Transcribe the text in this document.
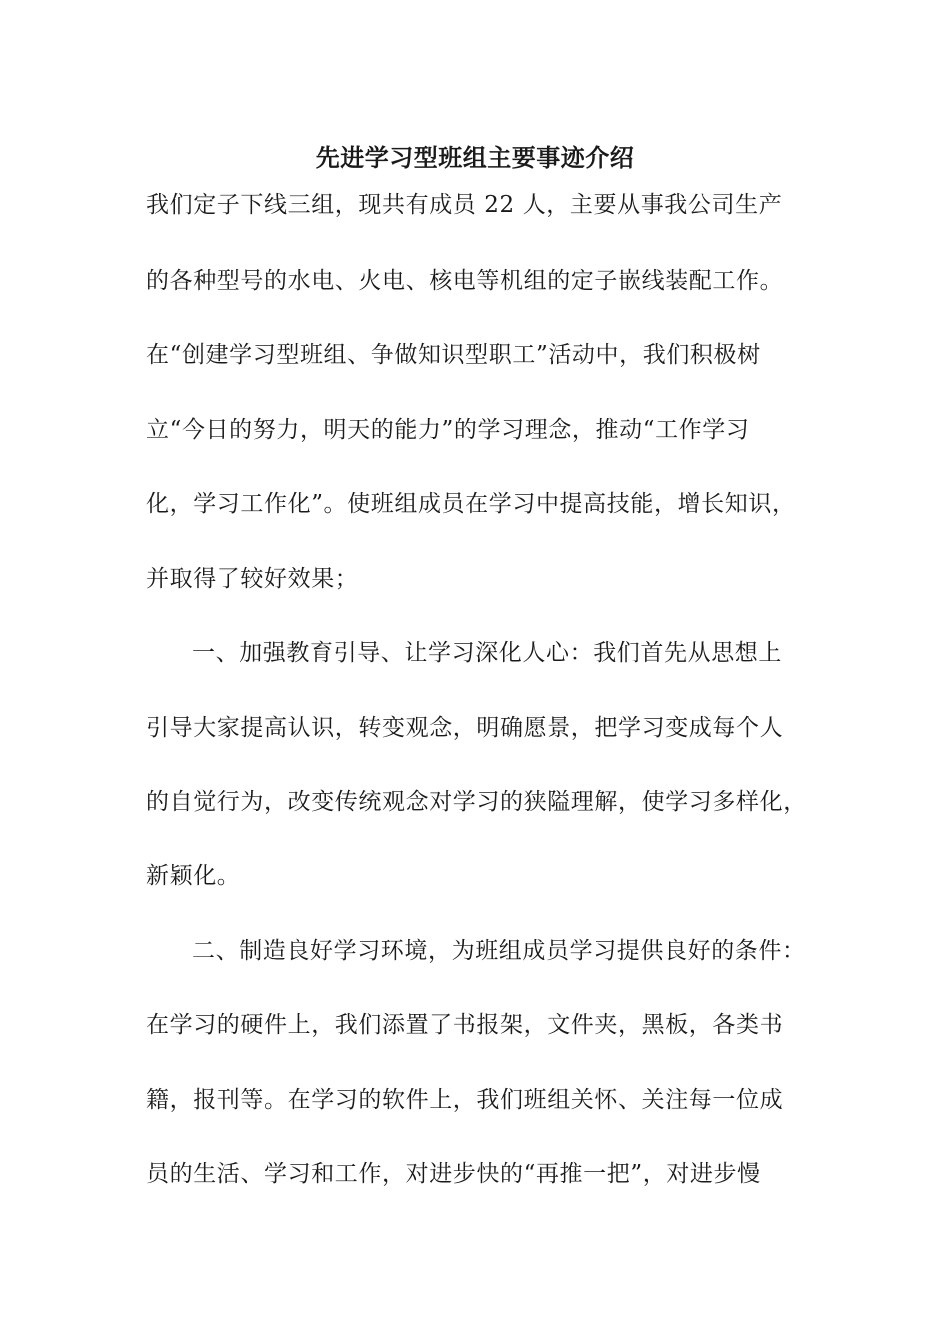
先进学习型班组主要事迹介绍
我们定子下线三组，现共有成员 22 人，主要从事我公司生产
的各种型号的水电、火电、核电等机组的定子嵌线装配工作。
在“创建学习型班组、争做知识型职工”活动中，我们积极树
立“今日的努力，明天的能力”的学习理念，推动“工作学习
化，学习工作化”。使班组成员在学习中提高技能，增长知识，
并取得了较好效果；
一、加强教育引导、让学习深化人心：我们首先从思想上
引导大家提高认识，转变观念，明确愿景，把学习变成每个人
的自觉行为，改变传统观念对学习的狭隘理解，使学习多样化，
新颖化。
二、制造良好学习环境，为班组成员学习提供良好的条件：
在学习的硬件上，我们添置了书报架，文件夹，黑板，各类书
籍，报刊等。在学习的软件上，我们班组关怀、关注每一位成
员的生活、学习和工作，对进步快的“再推一把”，对进步慢
